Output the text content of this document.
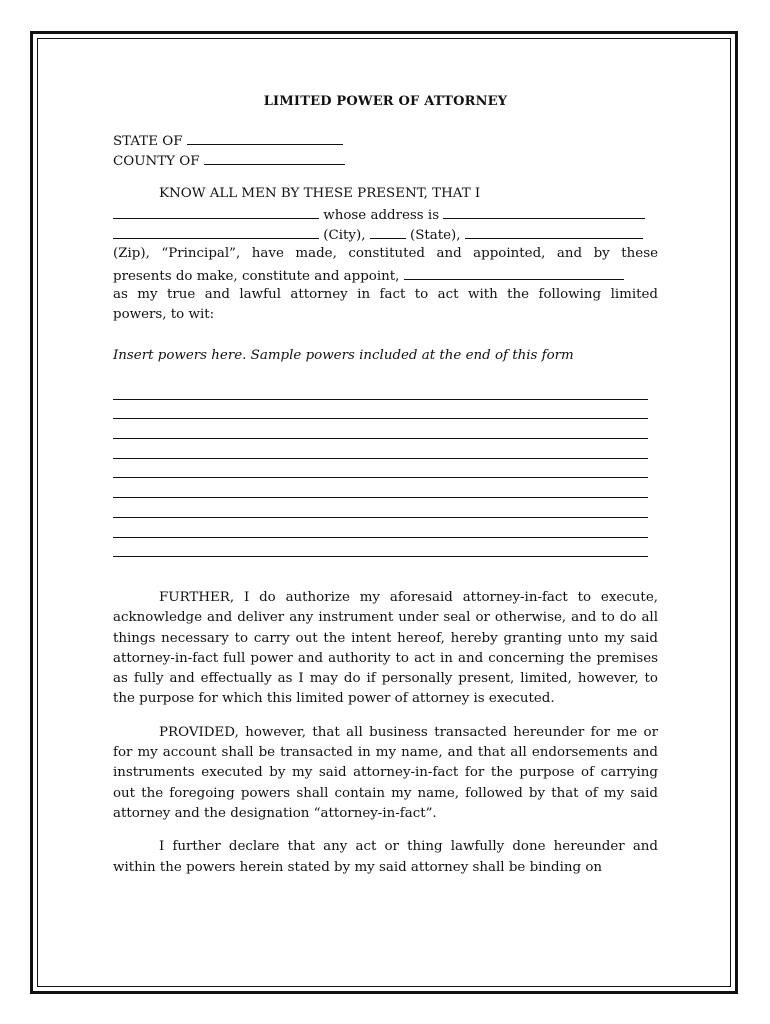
LIMITED POWER OF ATTORNEY

STATE OF
COUNTY OF
KNOW ALL MEN BY THESE PRESENT, THAT I
whose address is
(City),	(State),
(Zip), “Principal”, have made, constituted and appointed, and by these
presents do make, constitute and appoint,
as my true and lawful attorney in fact to act with the following limited
powers, to wit:
Insert powers here. Sample powers included at the end of this form

FURTHER, I do authorize my aforesaid attorney-in-fact to execute, acknowledge and deliver any instrument under seal or otherwise, and to do all things necessary to carry out the intent hereof, hereby granting unto my said attorney-in-fact full power and authority to act in and concerning the premises as fully and effectually as I may do if personally present, limited, however, to the purpose for which this limited power of attorney is executed.

PROVIDED, however, that all business transacted hereunder for me or for my account shall be transacted in my name, and that all endorsements and instruments executed by my said attorney-in-fact for the purpose of carrying out the foregoing powers shall contain my name, followed by that of my said attorney and the designation “attorney-in-fact”.

I further declare that any act or thing lawfully done hereunder and within the powers herein stated by my said attorney shall be binding on
